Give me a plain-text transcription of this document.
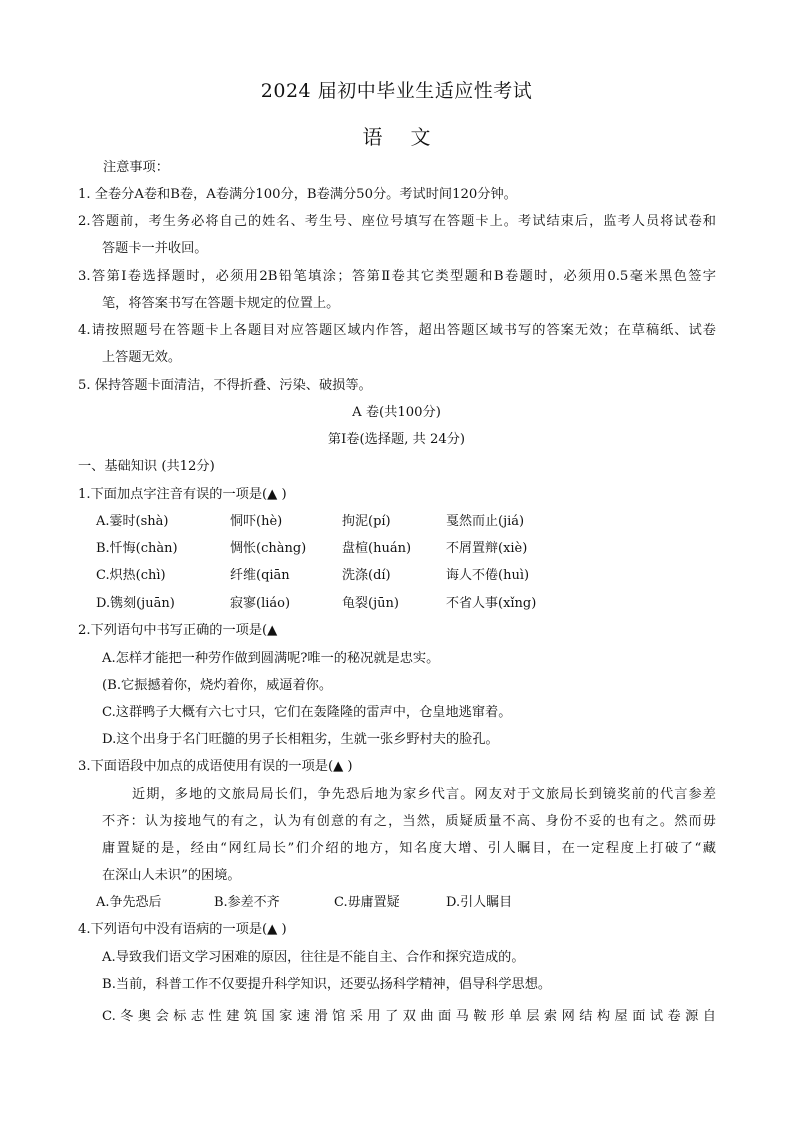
2024 届初中毕业生适应性考试
语 文
注意事项：
1. 全卷分A卷和B卷，A卷满分100分，B卷满分50分。考试时间120分钟。
2.答题前，考生务必将自己的姓名、考生号、座位号填写在答题卡上。考试结束后，监考人员将试卷和
答题卡一并收回。
3.答第Ⅰ卷选择题时，必须用2B铅笔填涂；答第Ⅱ卷其它类型题和B卷题时，必须用0.5毫米黑色签字
笔，将答案书写在答题卡规定的位置上。
4.请按照题号在答题卡上各题目对应答题区域内作答，超出答题区域书写的答案无效；在草稿纸、试卷
上答题无效。
5. 保持答题卡面清洁，不得折叠、污染、破损等。
A 卷(共100分)
第Ⅰ卷(选择题, 共 24分)
一、基础知识 (共12分)
1.下面加点字注音有误的一项是(▲ )
A.霎时(shà)	恫吓(hè)	拘泥(pí)	戛然而止(jiá)
B.忏悔(chàn)	惆怅(chàng)	盘楦(huán)	不屑置辩(xiè)
C.炽热(chì)	纤维(qiān	洗涤(dí)	诲人不倦(huì)
D.镌刻(juān)	寂寥(liáo)	龟裂(jūn)	不省人事(xǐng)
2.下列语句中书写正确的一项是(▲
A.怎样才能把一种劳作做到圆满呢?唯一的秘况就是忠实。
(B.它振撼着你，烧灼着你，威逼着你。
C.这群鸭子大概有六七寸只，它们在轰隆隆的雷声中，仓皇地逃窜着。
D.这个出身于名门旺髓的男子长相粗劣，生就一张乡野村夫的脸孔。
3.下面语段中加点的成语使用有误的一项是(▲ )
近期，多地的文旅局局长们，争先恐后地为家乡代言。网友对于文旅局长到镜奖前的代言参差
不齐：认为接地气的有之，认为有创意的有之，当然，质疑质量不高、身份不妥的也有之。然而毋
庸置疑的是，经由“网红局长”们介绍的地方，知名度大增、引人瞩目，在一定程度上打破了“藏
在深山人未识”的困境。
A.争先恐后	B.参差不齐	C.毋庸置疑	D.引人瞩目
4.下列语句中没有语病的一项是(▲ )
A.导致我们语文学习困难的原因，往往是不能自主、合作和探究造成的。
B.当前，科普工作不仅要提升科学知识，还要弘扬科学精神，倡导科学思想。
C.冬奥会标志性建筑国家速滑馆采用了双曲面马鞍形单层索网结构屋面试卷源自
